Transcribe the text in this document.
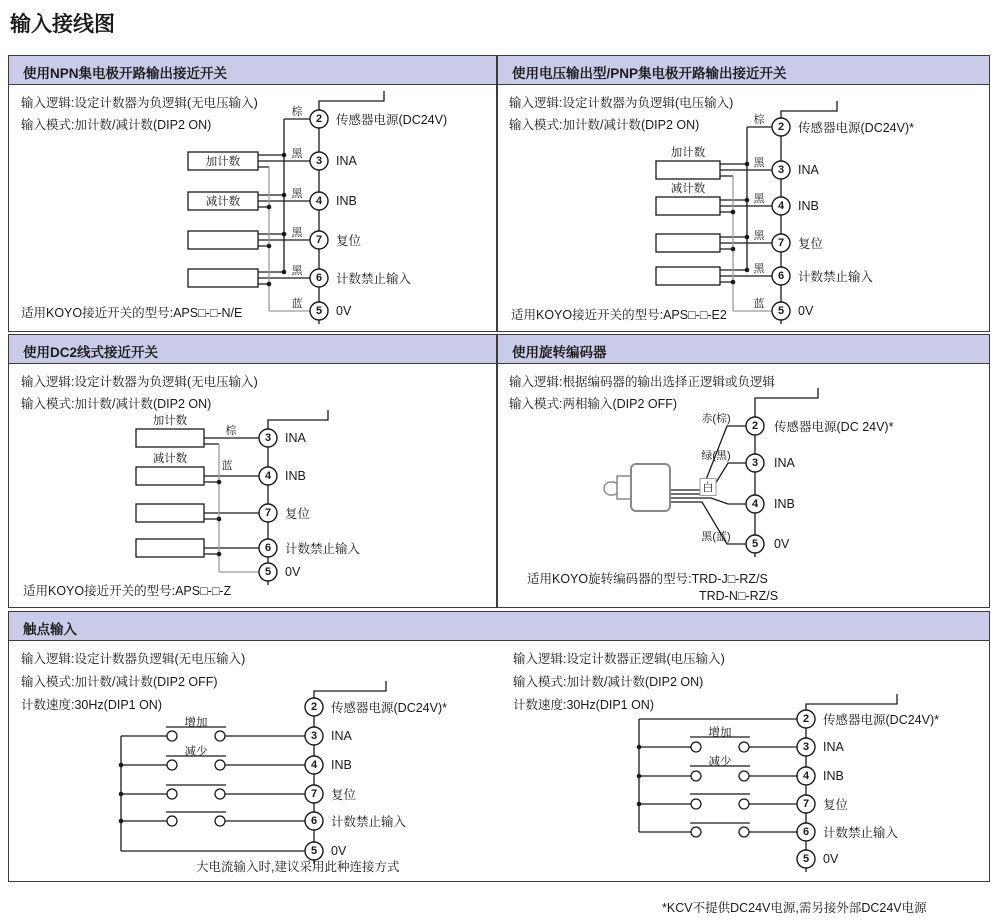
输入接线图
使用NPN集电极开路输出接近开关
输入逻辑:设定计数器为负逻辑(无电压输入)
输入模式:加计数/减计数(DIP2 ON)
加计数
减计数
棕
黑
黑
黑
黑
蓝
2
3
4
7
6
5
传感器电源(DC24V)
INA
INB
复位
计数禁止输入
0V
适用KOYO接近开关的型号:APS□-□-N/E
使用电压输出型/PNP集电极开路输出接近开关
输入逻辑:设定计数器为负逻辑(电压输入)
输入模式:加计数/减计数(DIP2 ON)
加计数
减计数
棕
黑
黑
黑
黑
蓝
2
3
4
7
6
5
传感器电源(DC24V)*
INA
INB
复位
计数禁止输入
0V
适用KOYO接近开关的型号:APS□-□-E2
使用DC2线式接近开关
输入逻辑:设定计数器为负逻辑(无电压输入)
输入模式:加计数/减计数(DIP2 ON)
加计数
减计数
棕
蓝
3
4
7
6
5
INA
INB
复位
计数禁止输入
0V
适用KOYO接近开关的型号:APS□-□-Z
使用旋转编码器
输入逻辑:根据编码器的输出选择正逻辑或负逻辑
输入模式:两相输入(DIP2 OFF)
赤(棕)
绿(黑)
白
黑(蓝)
2
3
4
5
传感器电源(DC 24V)*
INA
INB
0V
适用KOYO旋转编码器的型号:TRD-J□-RZ/S
TRD-N□-RZ/S
触点输入
输入逻辑:设定计数器负逻辑(无电压输入)
输入模式:加计数/减计数(DIP2 OFF)
计数速度:30Hz(DIP1 ON)
增加
减少
2
3
4
7
6
5
传感器电源(DC24V)*
INA
INB
复位
计数禁止输入
0V
大电流输入时,建议采用此种连接方式
输入逻辑:设定计数器正逻辑(电压输入)
输入模式:加计数/减计数(DIP2 ON)
计数速度:30Hz(DIP1 ON)
增加
减少
2
3
4
7
6
5
传感器电源(DC24V)*
INA
INB
复位
计数禁止输入
0V
*KCV不提供DC24V电源,需另接外部DC24V电源
